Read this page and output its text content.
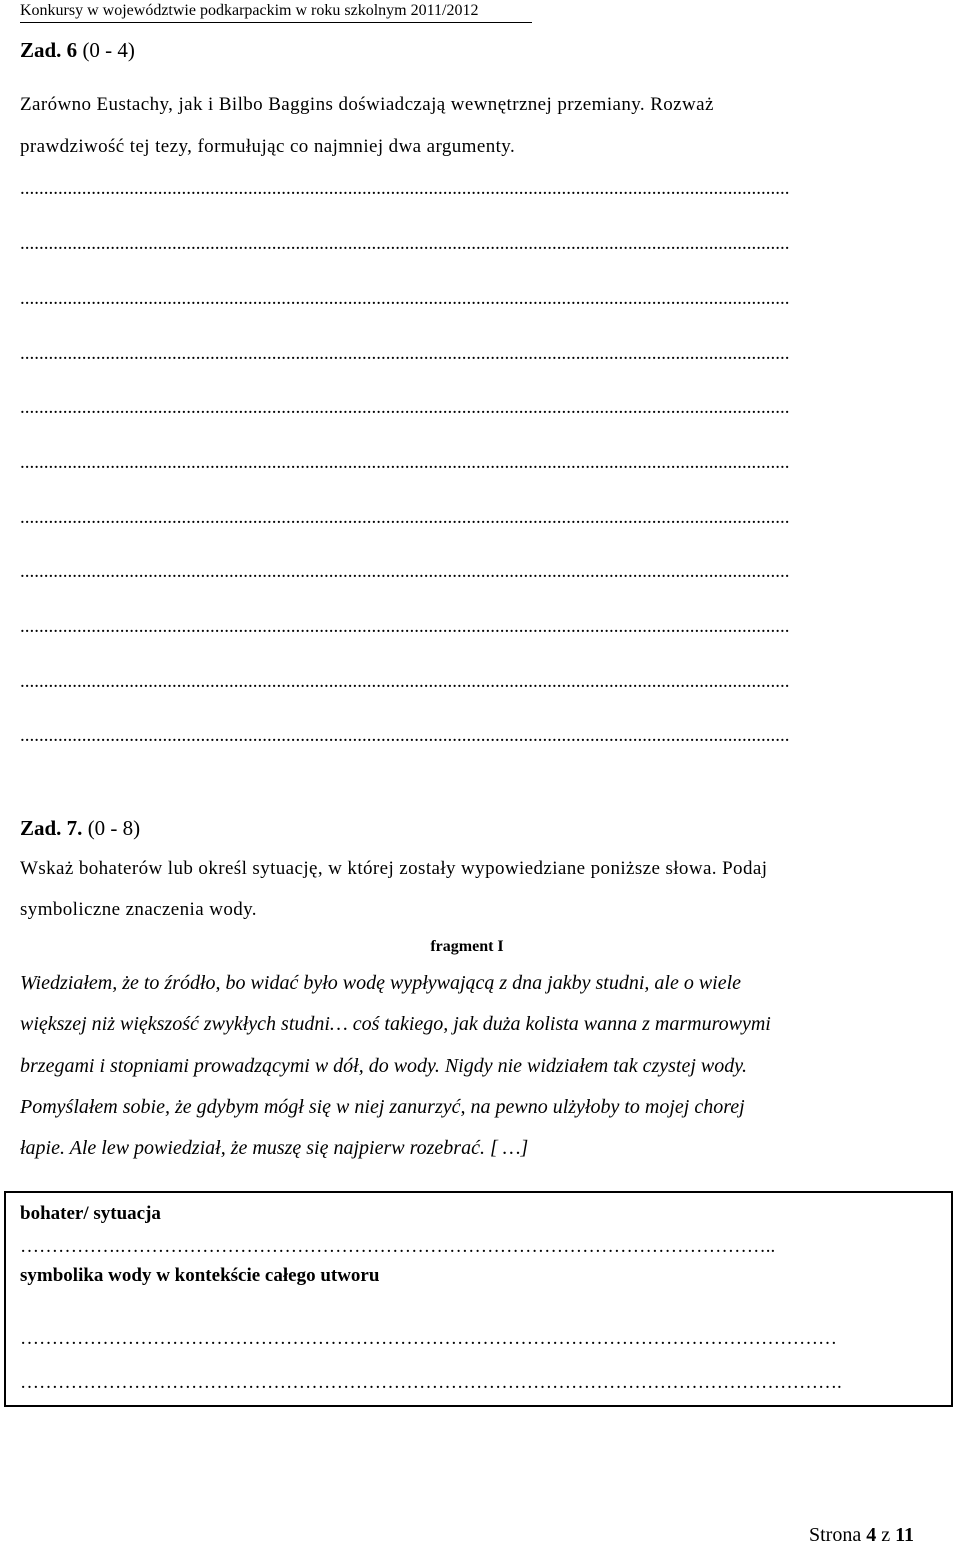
Konkursy w województwie podkarpackim w roku szkolnym 2011/2012
Zad. 6 (0 - 4)
Zarówno Eustachy, jak i Bilbo Baggins doświadczają wewnętrznej przemiany. Rozważ
prawdziwość tej tezy, formułując co najmniej dwa argumenty.
..................................................................................................................................................................
..................................................................................................................................................................
..................................................................................................................................................................
..................................................................................................................................................................
..................................................................................................................................................................
..................................................................................................................................................................
..................................................................................................................................................................
..................................................................................................................................................................
..................................................................................................................................................................
..................................................................................................................................................................
..................................................................................................................................................................
Zad. 7. (0 - 8)
Wskaż bohaterów lub określ sytuację, w której zostały wypowiedziane poniższe słowa. Podaj
symboliczne znaczenia wody.
fragment I
Wiedziałem, że to źródło, bo widać było wodę wypływającą z dna jakby studni, ale o wiele
większej niż większość zwykłych studni… coś takiego, jak duża kolista wanna z marmurowymi
brzegami i stopniami prowadzącymi w dół, do wody. Nigdy nie widziałem tak czystej wody.
Pomyślałem sobie, że gdybym mógł się w niej zanurzyć, na pewno ulżyłoby to mojej chorej
łapie. Ale lew powiedział, że muszę się najpierw rozebrać. [ …]
bohater/ sytuacja
…………….…………………………………………………………………………………………..
symbolika wody w kontekście całego utworu
…………………………………………………………………………………………………………………
………………………………………………………………………………………………………………….
Strona 4 z 11
